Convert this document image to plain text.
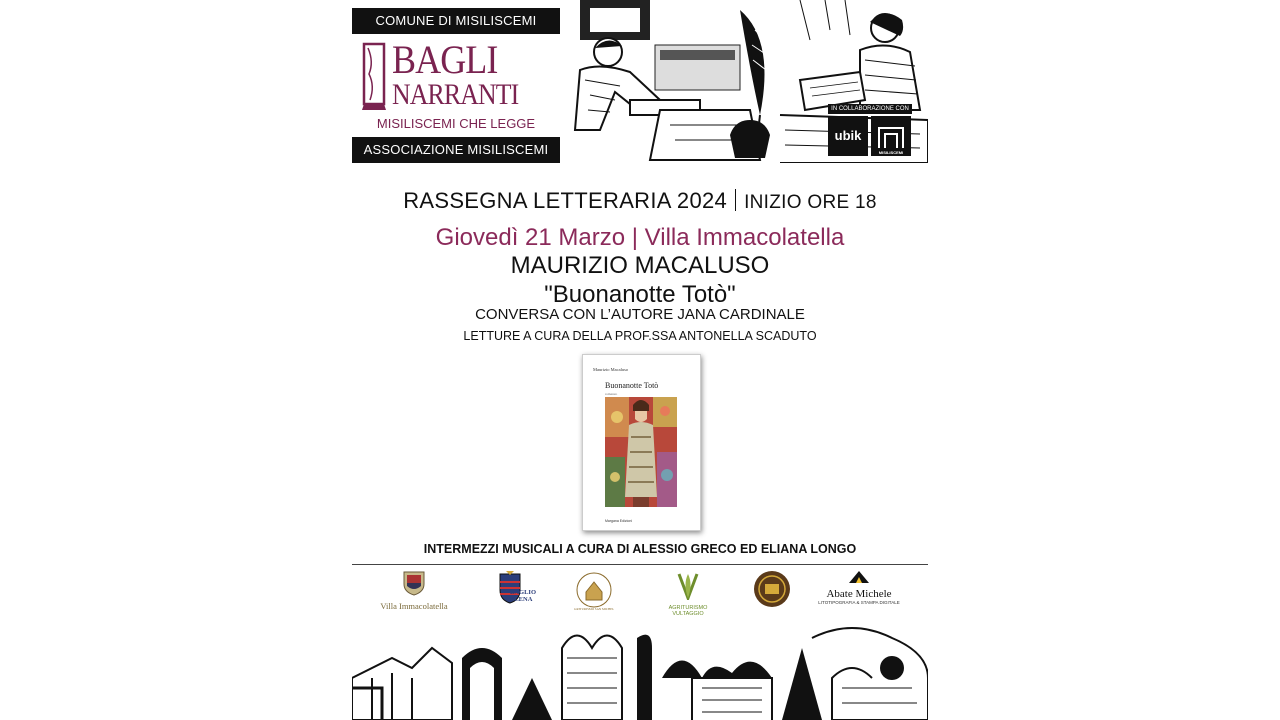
COMUNE DI MISILISCEMI
BAGLI
NARRANTI
MISILISCEMI CHE LEGGE
ASSOCIAZIONE MISILISCEMI
IN COLLABORAZIONE CON
ubik
MISILISCEMI
RASSEGNA LETTERARIA 2024 INIZIO ORE 18
Giovedì 21 Marzo | Villa Immacolatella
MAURIZIO MACALUSO
"Buonanotte Totò"
CONVERSA CON L’AUTORE JANA CARDINALE
LETTURE A CURA DELLA PROF.SSA ANTONELLA SCADUTO
Maurizio Macaluso
Buonanotte Totò
romanzo
Margana Edizioni
INTERMEZZI MUSICALI A CURA DI ALESSIO GRECO ED ELIANA LONGO
Villa Immacolatella
BAGLIO ELENA
AGRITURISMO SAN MICHELE	AGRITURISMO VULTAGGIO
Abate Michele
LITOTIPOGRAFIA & STAMPA DIGITALE
